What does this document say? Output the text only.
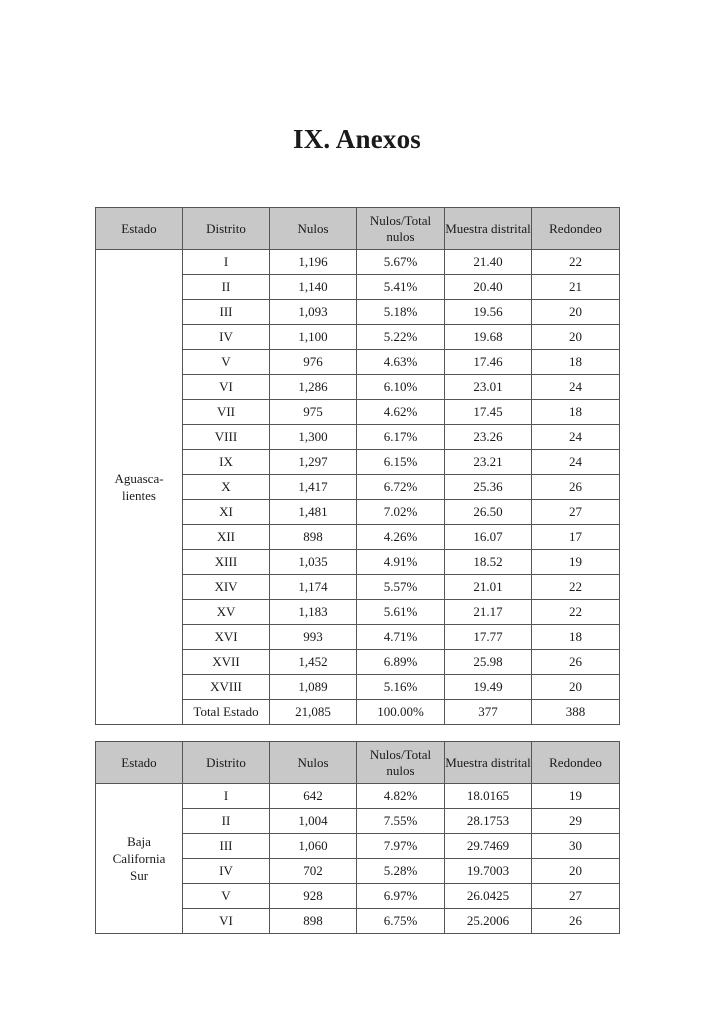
IX. Anexos
Estado	Distrito	Nulos	Nulos/Total nulos	Muestra distrital	Redondeo
Aguasca-
lientes	I	1,196	5.67%	21.40	22
	II	1,140	5.41%	20.40	21
	III	1,093	5.18%	19.56	20
	IV	1,100	5.22%	19.68	20
	V	976	4.63%	17.46	18
	VI	1,286	6.10%	23.01	24
	VII	975	4.62%	17.45	18
	VIII	1,300	6.17%	23.26	24
	IX	1,297	6.15%	23.21	24
	X	1,417	6.72%	25.36	26
	XI	1,481	7.02%	26.50	27
	XII	898	4.26%	16.07	17
	XIII	1,035	4.91%	18.52	19
	XIV	1,174	5.57%	21.01	22
	XV	1,183	5.61%	21.17	22
	XVI	993	4.71%	17.77	18
	XVII	1,452	6.89%	25.98	26
	XVIII	1,089	5.16%	19.49	20
	Total Estado	21,085	100.00%	377	388
Estado	Distrito	Nulos	Nulos/Total nulos	Muestra distrital	Redondeo
Baja
California
Sur	I	642	4.82%	18.0165	19
	II	1,004	7.55%	28.1753	29
	III	1,060	7.97%	29.7469	30
	IV	702	5.28%	19.7003	20
	V	928	6.97%	26.0425	27
	VI	898	6.75%	25.2006	26
